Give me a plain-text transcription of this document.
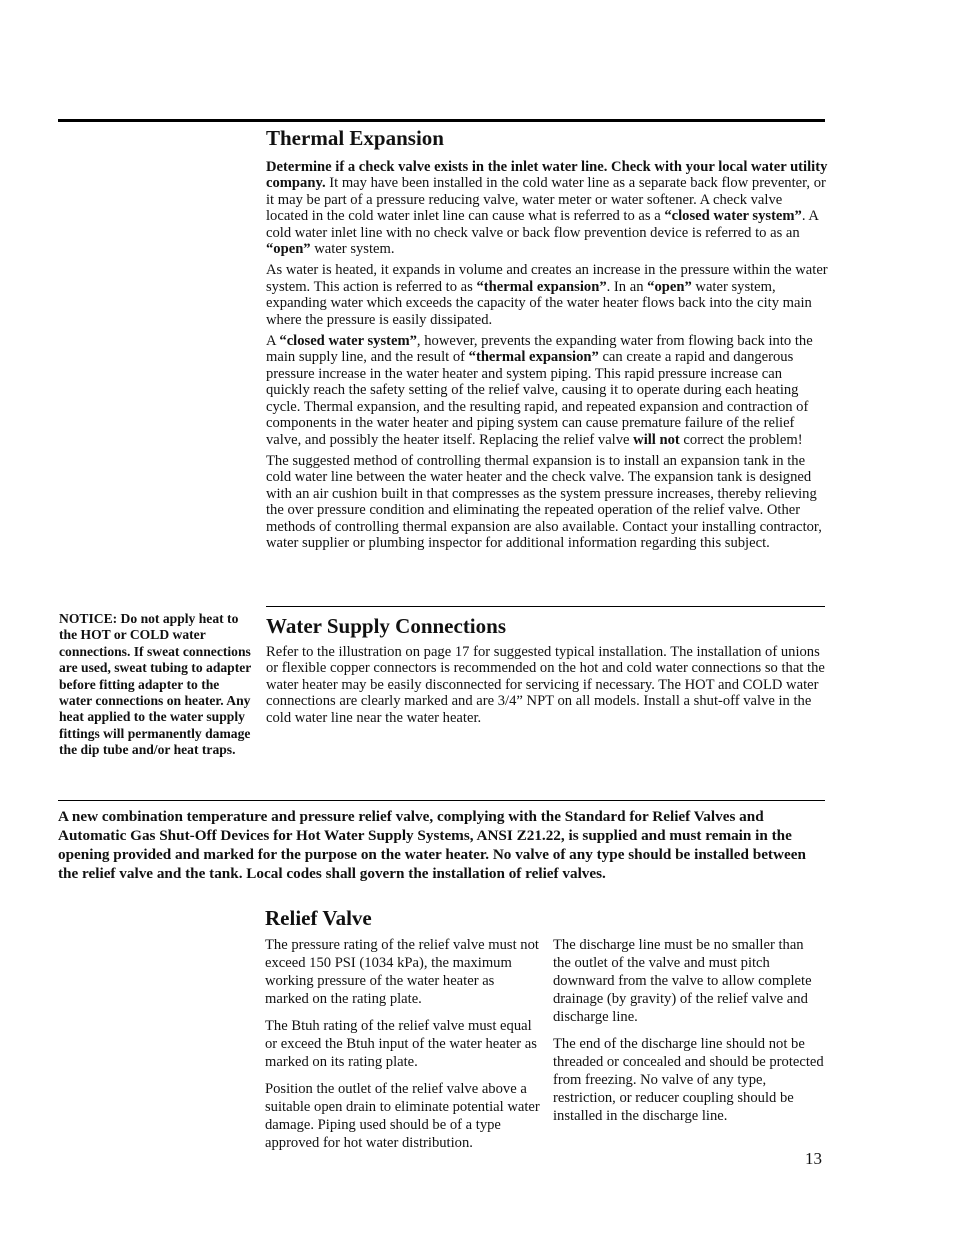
Thermal Expansion

Determine if a check valve exists in the inlet water line. Check with your local water utility company. It may have been installed in the cold water line as a separate back flow preventer, or it may be part of a pressure reducing valve, water meter or water softener. A check valve located in the cold water inlet line can cause what is referred to as a “closed water system”. A cold water inlet line with no check valve or back flow prevention device is referred to as an “open” water system.

As water is heated, it expands in volume and creates an increase in the pressure within the water system. This action is referred to as “thermal expansion”. In an “open” water system, expanding water which exceeds the capacity of the water heater flows back into the city main where the pressure is easily dissipated.

A “closed water system”, however, prevents the expanding water from flowing back into the main supply line, and the result of “thermal expansion” can create a rapid and dangerous pressure increase in the water heater and system piping. This rapid pressure increase can quickly reach the safety setting of the relief valve, causing it to operate during each heating cycle. Thermal expansion, and the resulting rapid, and repeated expansion and contraction of components in the water heater and piping system can cause premature failure of the relief valve, and possibly the heater itself. Replacing the relief valve will not correct the problem!

The suggested method of controlling thermal expansion is to install an expansion tank in the cold water line between the water heater and the check valve. The expansion tank is designed with an air cushion built in that compresses as the system pressure increases, thereby relieving the over pressure condition and eliminating the repeated operation of the relief valve. Other methods of controlling thermal expansion are also available. Contact your installing contractor, water supplier or plumbing inspector for additional information regarding this subject.

NOTICE: Do not apply heat to the HOT or COLD water connections. If sweat connections are used, sweat tubing to adapter before fitting adapter to the water connections on heater. Any heat applied to the water supply fittings will permanently damage the dip tube and/or heat traps.

Water Supply Connections

Refer to the illustration on page 17 for suggested typical installation. The installation of unions or flexible copper connectors is recommended on the hot and cold water connections so that the water heater may be easily disconnected for servicing if necessary. The HOT and COLD water connections are clearly marked and are 3/4” NPT on all models. Install a shut-off valve in the cold water line near the water heater.

A new combination temperature and pressure relief valve, complying with the Standard for Relief Valves and Automatic Gas Shut-Off Devices for Hot Water Supply Systems, ANSI Z21.22, is supplied and must remain in the opening provided and marked for the purpose on the water heater. No valve of any type should be installed between the relief valve and the tank. Local codes shall govern the installation of relief valves.

Relief Valve

The pressure rating of the relief valve must not exceed 150 PSI (1034 kPa), the maximum working pressure of the water heater as marked on the rating plate.

The Btuh rating of the relief valve must equal or exceed the Btuh input of the water heater as marked on its rating plate.

Position the outlet of the relief valve above a suitable open drain to eliminate potential water damage. Piping used should be of a type approved for hot water distribution.

The discharge line must be no smaller than the outlet of the valve and must pitch downward from the valve to allow complete drainage (by gravity) of the relief valve and discharge line.

The end of the discharge line should not be threaded or concealed and should be protected from freezing. No valve of any type, restriction, or reducer coupling should be installed in the discharge line.

13
